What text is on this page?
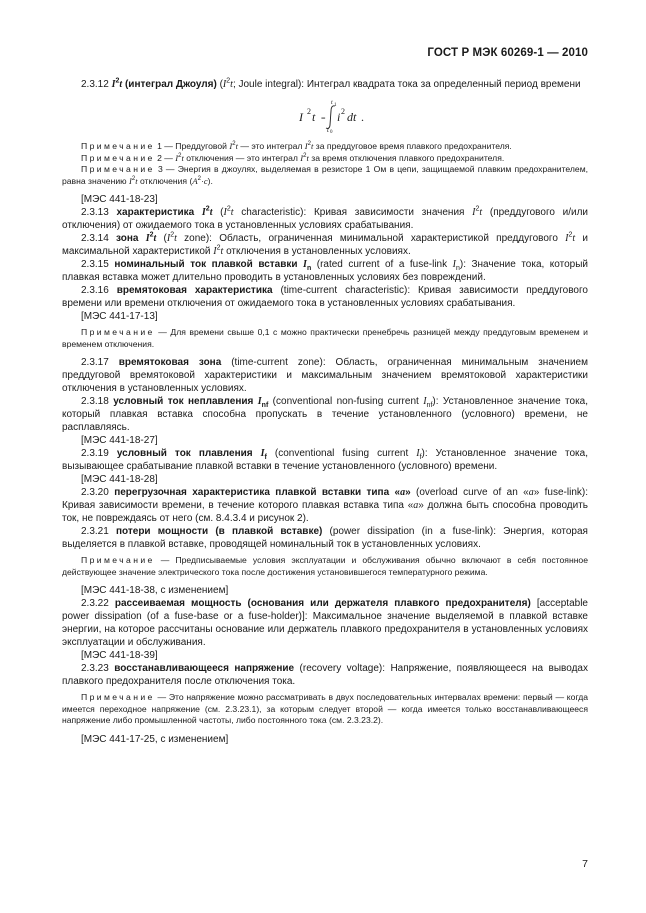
ГОСТ Р МЭК 60269-1 — 2010

2.3.12 $I^2t$ (интеграл Джоуля) ($I^2t$; Joule integral): Интеграл квадрата тока за определенный период времени

I 2 t =
t 1
t 0
i 2 dt .

Примечание 1 — Преддуговой $I^2t$ — это интеграл $I^2t$ за преддуговое время плавкого предохранителя.

Примечание 2 — $I^2t$ отключения — это интеграл $I^2t$ за время отключения плавкого предохранителя.

Примечание 3 — Энергия в джоулях, выделяемая в резисторе 1 Ом в цепи, защищаемой плавким предохранителем, равна значению $I^2t$ отключения $(A^2\cdot c)$.

[МЭС 441-18-23]

2.3.13 характеристика $I^2t$ ($I^2t$ characteristic): Кривая зависимости значения $I^2t$ (преддугового и/или отключения) от ожидаемого тока в установленных условиях срабатывания.

2.3.14 зона $I^2t$ ($I^2t$ zone): Область, ограниченная минимальной характеристикой преддугового $I^2t$ и максимальной характеристикой $I^2t$ отключения в установленных условиях.

2.3.15 номинальный ток плавкой вставки $I_n$ (rated current of a fuse-link $I_n$): Значение тока, который плавкая вставка может длительно проводить в установленных условиях без повреждений.

2.3.16 времятоковая характеристика (time-current characteristic): Кривая зависимости преддугового времени или времени отключения от ожидаемого тока в установленных условиях срабатывания.

[МЭС 441-17-13]

Примечание — Для времени свыше 0,1 с можно практически пренебречь разницей между преддуговым временем и временем отключения.

2.3.17 времятоковая зона (time-current zone): Область, ограниченная минимальным значением преддуговой времятоковой характеристики и максимальным значением времятоковой характеристики отключения в установленных условиях.

2.3.18 условный ток неплавления $I_{nf}$ (conventional non-fusing current $I_{nf}$): Установленное значение тока, который плавкая вставка способна пропускать в течение установленного (условного) времени, не расплавляясь.

[МЭС 441-18-27]

2.3.19 условный ток плавления $I_f$ (conventional fusing current $I_f$): Установленное значение тока, вызывающее срабатывание плавкой вставки в течение установленного (условного) времени.

[МЭС 441-18-28]

2.3.20 перегрузочная характеристика плавкой вставки типа «а» (overload curve of an «a» fuse-link): Кривая зависимости времени, в течение которого плавкая вставка типа «а» должна быть способна проводить ток, не повреждаясь от него (см. 8.4.3.4 и рисунок 2).

2.3.21 потери мощности (в плавкой вставке) (power dissipation (in a fuse-link): Энергия, которая выделяется в плавкой вставке, проводящей номинальный ток в установленных условиях.

Примечание — Предписываемые условия эксплуатации и обслуживания обычно включают в себя постоянное действующее значение электрического тока после достижения установившегося температурного режима.

[МЭС 441-18-38, с изменением]

2.3.22 рассеиваемая мощность (основания или держателя плавкого предохранителя) [acceptable power dissipation (of a fuse-base or a fuse-holder)]: Максимальное значение выделяемой в плавкой вставке энергии, на которое рассчитаны основание или держатель плавкого предохранителя в установленных условиях эксплуатации и обслуживания.

[МЭС 441-18-39]

2.3.23 восстанавливающееся напряжение (recovery voltage): Напряжение, появляющееся на выводах плавкого предохранителя после отключения тока.

Примечание — Это напряжение можно рассматривать в двух последовательных интервалах времени: первый — когда имеется переходное напряжение (см. 2.3.23.1), за которым следует второй — когда имеется только восстанавливающееся напряжение либо промышленной частоты, либо постоянного тока (см. 2.3.23.2).

[МЭС 441-17-25, с изменением]

7
